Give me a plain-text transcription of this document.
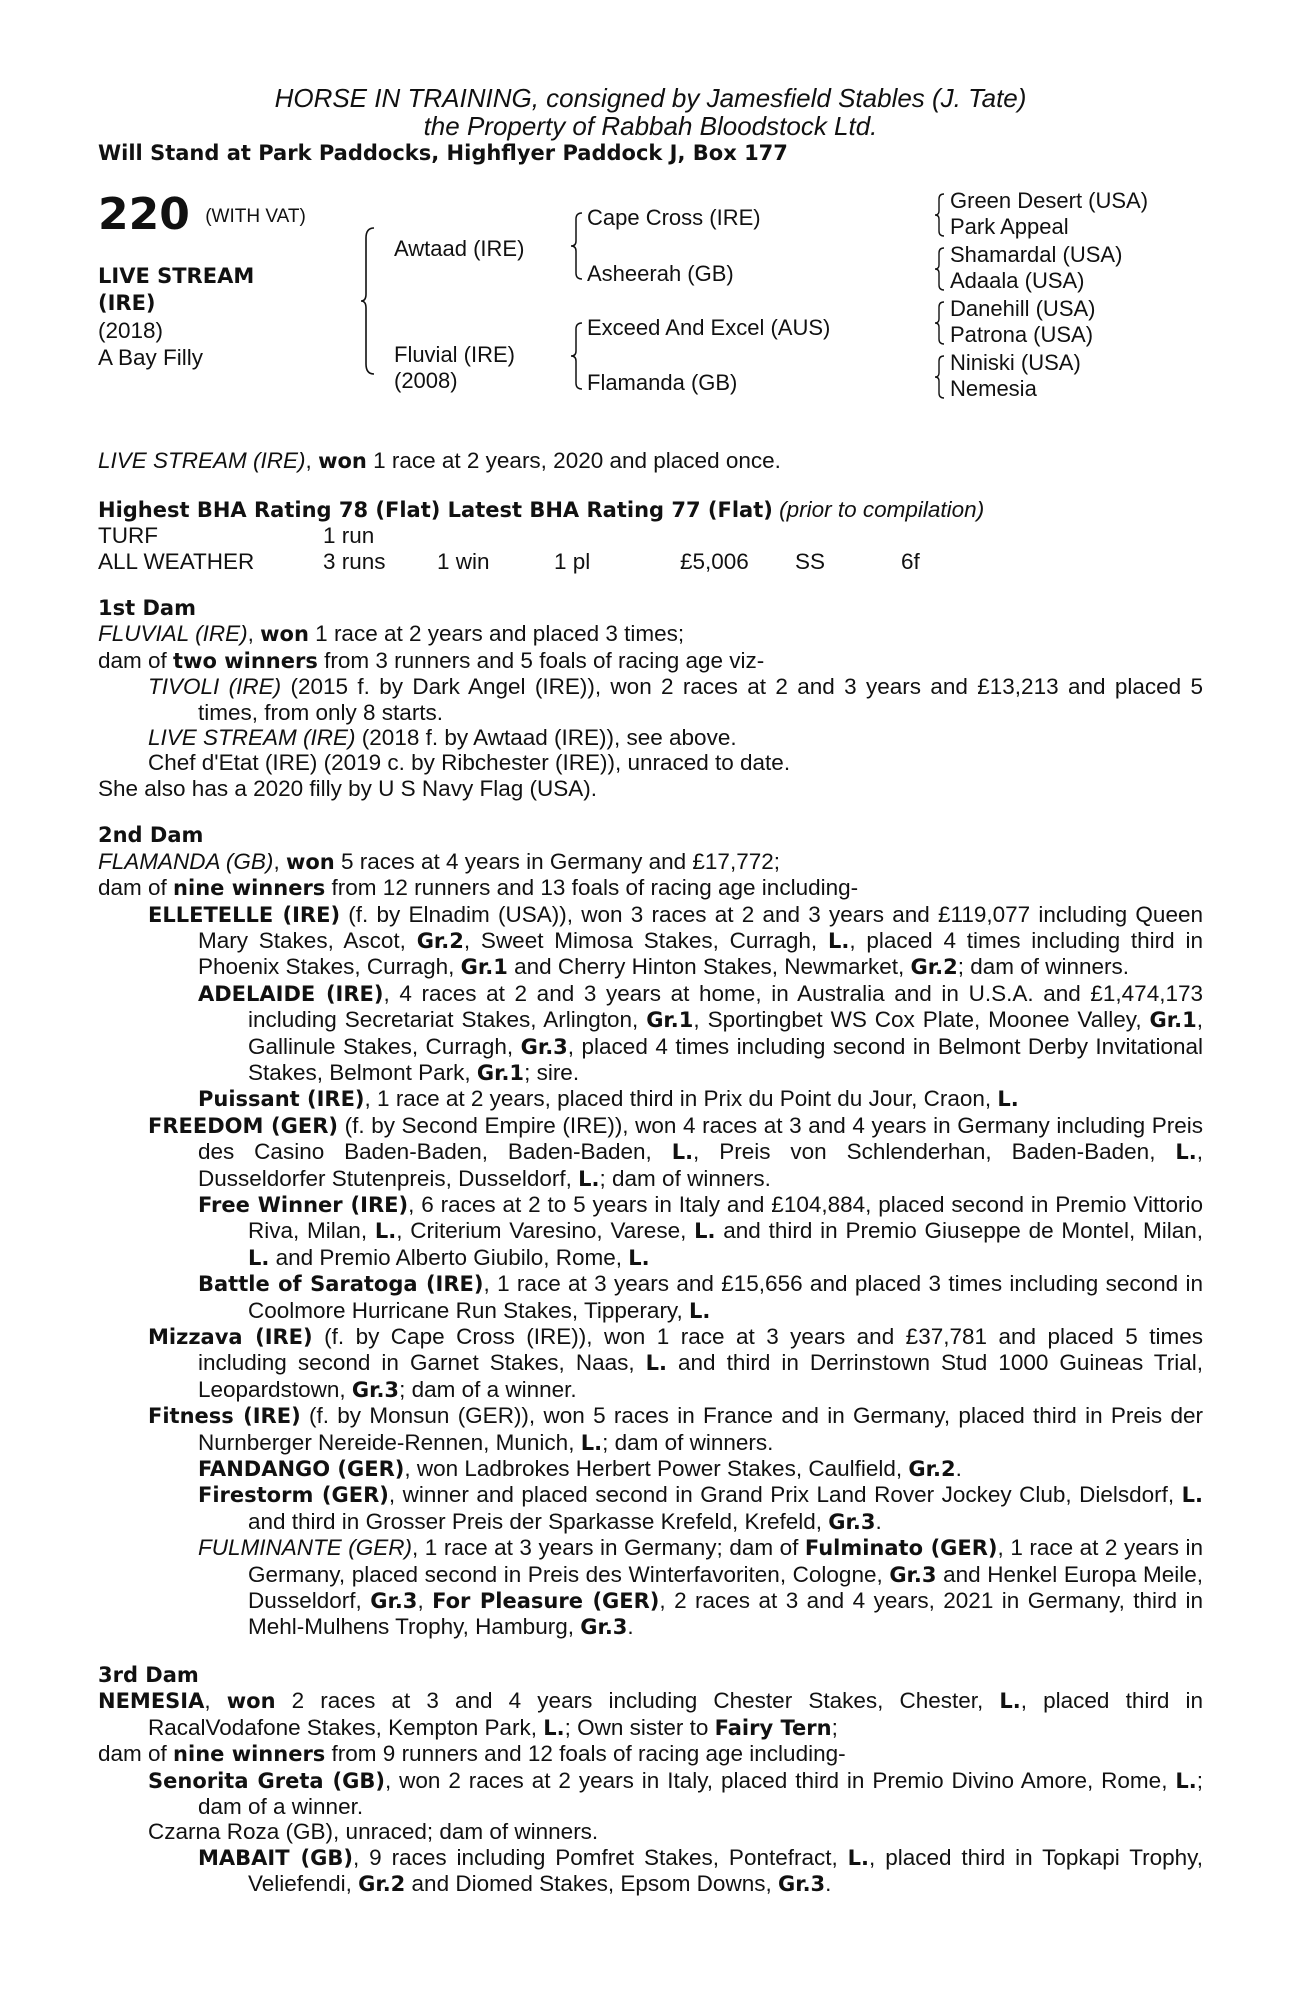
HORSE IN TRAINING, consigned by Jamesfield Stables (J. Tate)
the Property of Rabbah Bloodstock Ltd.
Will Stand at Park Paddocks, Highflyer Paddock J, Box 177
220 (WITH VAT)
LIVE STREAM
(IRE)
(2018)
A Bay Filly
Awtaad (IRE)
Fluvial (IRE)
(2008)
Cape Cross (IRE)
Asheerah (GB)
Exceed And Excel (AUS)
Flamanda (GB)
Green Desert (USA)
Park Appeal
Shamardal (USA)
Adaala (USA)
Danehill (USA)
Patrona (USA)
Niniski (USA)
Nemesia

LIVE STREAM (IRE), won 1 race at 2 years, 2020 and placed once.

Highest BHA Rating 78 (Flat) Latest BHA Rating 77 (Flat) (prior to compilation)
TURF	1 run					
ALL WEATHER	3 runs	1 win	1 pl	£5,006	SS	6f
1st Dam

FLUVIAL (IRE), won 1 race at 2 years and placed 3 times;

dam of two winners from 3 runners and 5 foals of racing age viz-

TIVOLI (IRE) (2015 f. by Dark Angel (IRE)), won 2 races at 2 and 3 years and £13,213 and placed 5 times, from only 8 starts.

LIVE STREAM (IRE) (2018 f. by Awtaad (IRE)), see above.

Chef d'Etat (IRE) (2019 c. by Ribchester (IRE)), unraced to date.

She also has a 2020 filly by U S Navy Flag (USA).

2nd Dam

FLAMANDA (GB), won 5 races at 4 years in Germany and £17,772;

dam of nine winners from 12 runners and 13 foals of racing age including-

ELLETELLE (IRE) (f. by Elnadim (USA)), won 3 races at 2 and 3 years and £119,077 including Queen Mary Stakes, Ascot, Gr.2, Sweet Mimosa Stakes, Curragh, L., placed 4 times including third in Phoenix Stakes, Curragh, Gr.1 and Cherry Hinton Stakes, Newmarket, Gr.2; dam of winners.

ADELAIDE (IRE), 4 races at 2 and 3 years at home, in Australia and in U.S.A. and £1,474,173 including Secretariat Stakes, Arlington, Gr.1, Sportingbet WS Cox Plate, Moonee Valley, Gr.1, Gallinule Stakes, Curragh, Gr.3, placed 4 times including second in Belmont Derby Invitational Stakes, Belmont Park, Gr.1; sire.

Puissant (IRE), 1 race at 2 years, placed third in Prix du Point du Jour, Craon, L.

FREEDOM (GER) (f. by Second Empire (IRE)), won 4 races at 3 and 4 years in Germany including Preis des Casino Baden-Baden, Baden-Baden, L., Preis von Schlenderhan, Baden-Baden, L., Dusseldorfer Stutenpreis, Dusseldorf, L.; dam of winners.

Free Winner (IRE), 6 races at 2 to 5 years in Italy and £104,884, placed second in Premio Vittorio Riva, Milan, L., Criterium Varesino, Varese, L. and third in Premio Giuseppe de Montel, Milan, L. and Premio Alberto Giubilo, Rome, L.

Battle of Saratoga (IRE), 1 race at 3 years and £15,656 and placed 3 times including second in Coolmore Hurricane Run Stakes, Tipperary, L.

Mizzava (IRE) (f. by Cape Cross (IRE)), won 1 race at 3 years and £37,781 and placed 5 times including second in Garnet Stakes, Naas, L. and third in Derrinstown Stud 1000 Guineas Trial, Leopardstown, Gr.3; dam of a winner.

Fitness (IRE) (f. by Monsun (GER)), won 5 races in France and in Germany, placed third in Preis der Nurnberger Nereide-Rennen, Munich, L.; dam of winners.

FANDANGO (GER), won Ladbrokes Herbert Power Stakes, Caulfield, Gr.2.

Firestorm (GER), winner and placed second in Grand Prix Land Rover Jockey Club, Dielsdorf, L. and third in Grosser Preis der Sparkasse Krefeld, Krefeld, Gr.3.

FULMINANTE (GER), 1 race at 3 years in Germany; dam of Fulminato (GER), 1 race at 2 years in Germany, placed second in Preis des Winterfavoriten, Cologne, Gr.3 and Henkel Europa Meile, Dusseldorf, Gr.3, For Pleasure (GER), 2 races at 3 and 4 years, 2021 in Germany, third in Mehl-Mulhens Trophy, Hamburg, Gr.3.

3rd Dam

NEMESIA, won 2 races at 3 and 4 years including Chester Stakes, Chester, L., placed third in RacalVodafone Stakes, Kempton Park, L.; Own sister to Fairy Tern;

dam of nine winners from 9 runners and 12 foals of racing age including-

Senorita Greta (GB), won 2 races at 2 years in Italy, placed third in Premio Divino Amore, Rome, L.; dam of a winner.

Czarna Roza (GB), unraced; dam of winners.

MABAIT (GB), 9 races including Pomfret Stakes, Pontefract, L., placed third in Topkapi Trophy, Veliefendi, Gr.2 and Diomed Stakes, Epsom Downs, Gr.3.
